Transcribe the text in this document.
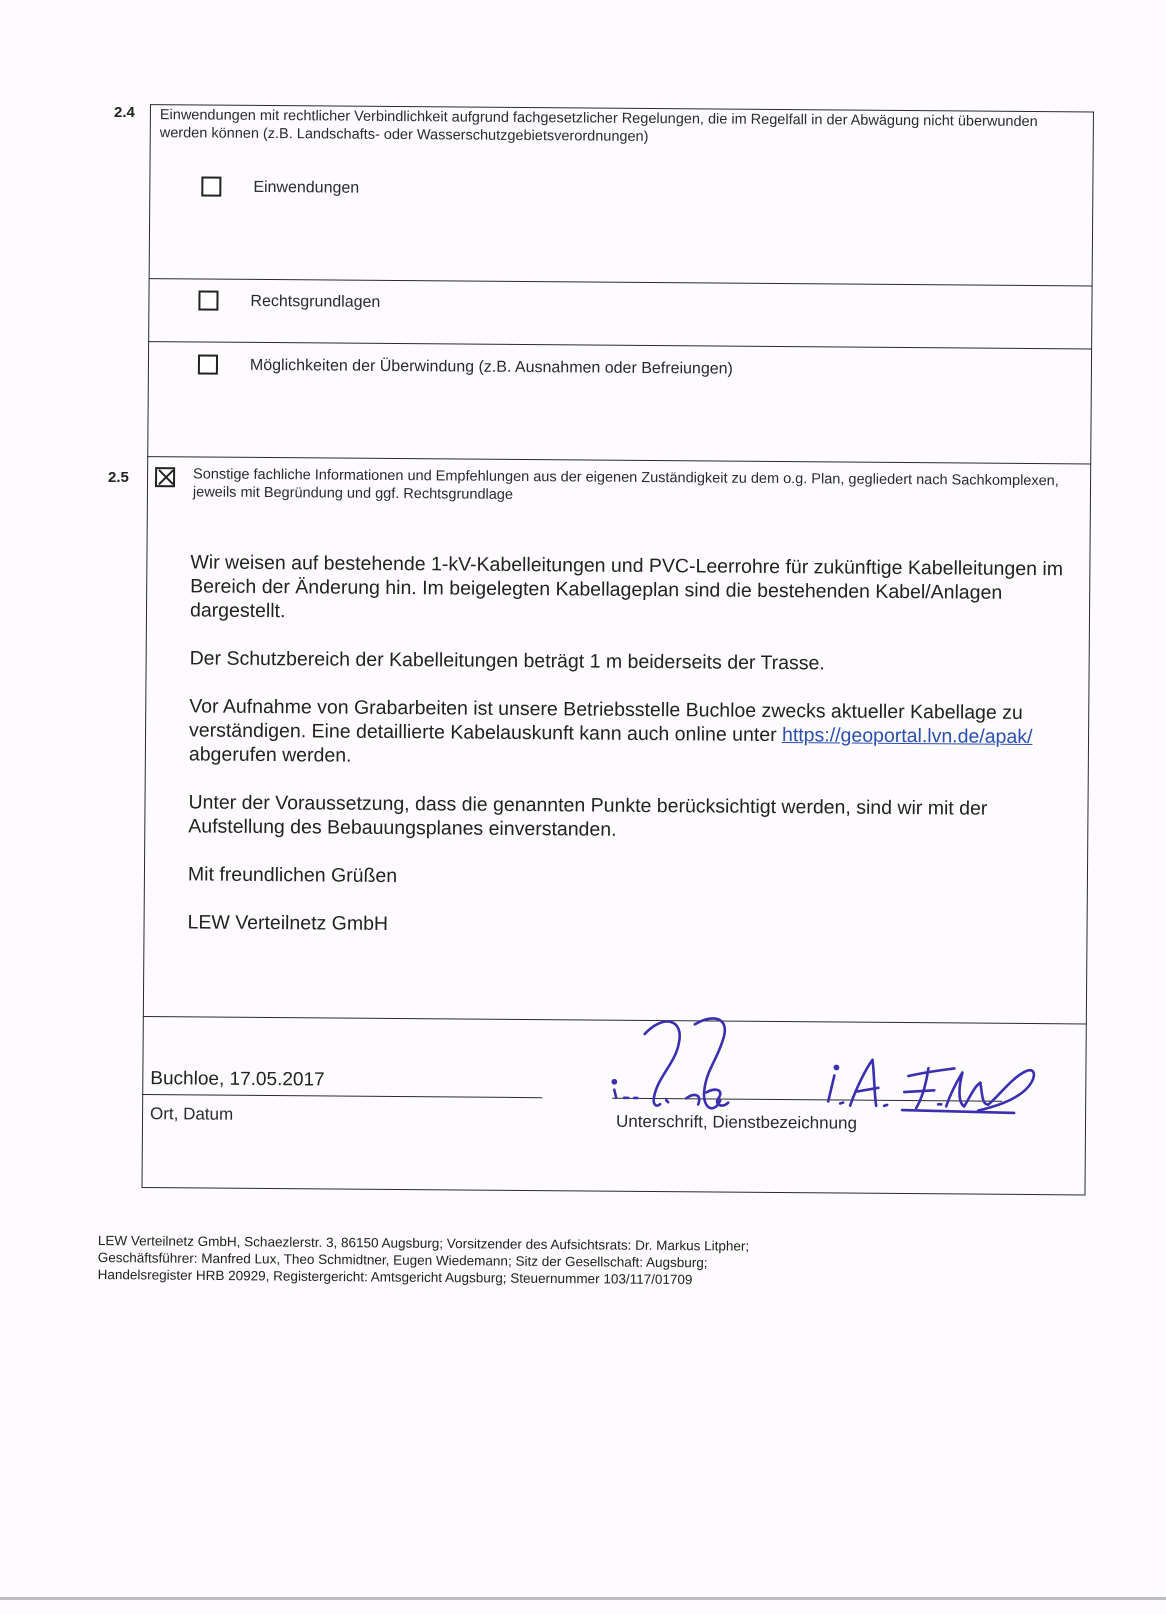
2.4
2.5
Einwendungen mit rechtlicher Verbindlichkeit aufgrund fachgesetzlicher Regelungen, die im Regelfall in der Abwägung nicht überwunden werden können (z.B. Landschafts- oder Wasserschutzgebietsverordnungen)
Einwendungen
Rechtsgrundlagen
Möglichkeiten der Überwindung (z.B. Ausnahmen oder Befreiungen)
Sonstige fachliche Informationen und Empfehlungen aus der eigenen Zuständigkeit zu dem o.g. Plan, gegliedert nach Sachkomplexen, jeweils mit Begründung und ggf. Rechtsgrundlage

Wir weisen auf bestehende 1-kV-Kabelleitungen und PVC-Leerrohre für zukünftige Kabelleitungen im Bereich der Änderung hin. Im beigelegten Kabellageplan sind die bestehenden Kabel/Anlagen dargestellt.

Der Schutzbereich der Kabelleitungen beträgt 1 m beiderseits der Trasse.

Vor Aufnahme von Grabarbeiten ist unsere Betriebsstelle Buchloe zwecks aktueller Kabellage zu verständigen. Eine detaillierte Kabelauskunft kann auch online unter https://geoportal.lvn.de/apak/ abgerufen werden.

Unter der Voraussetzung, dass die genannten Punkte berücksichtigt werden, sind wir mit der Aufstellung des Bebauungsplanes einverstanden.

Mit freundlichen Grüßen

LEW Verteilnetz GmbH

Buchloe, 17.05.2017
Ort, Datum	Unterschrift, Dienstbezeichnung
LEW Verteilnetz GmbH, Schaezlerstr. 3, 86150 Augsburg; Vorsitzender des Aufsichtsrats: Dr. Markus Litpher;
Geschäftsführer: Manfred Lux, Theo Schmidtner, Eugen Wiedemann; Sitz der Gesellschaft: Augsburg;
Handelsregister HRB 20929, Registergericht: Amtsgericht Augsburg; Steuernummer 103/117/01709
